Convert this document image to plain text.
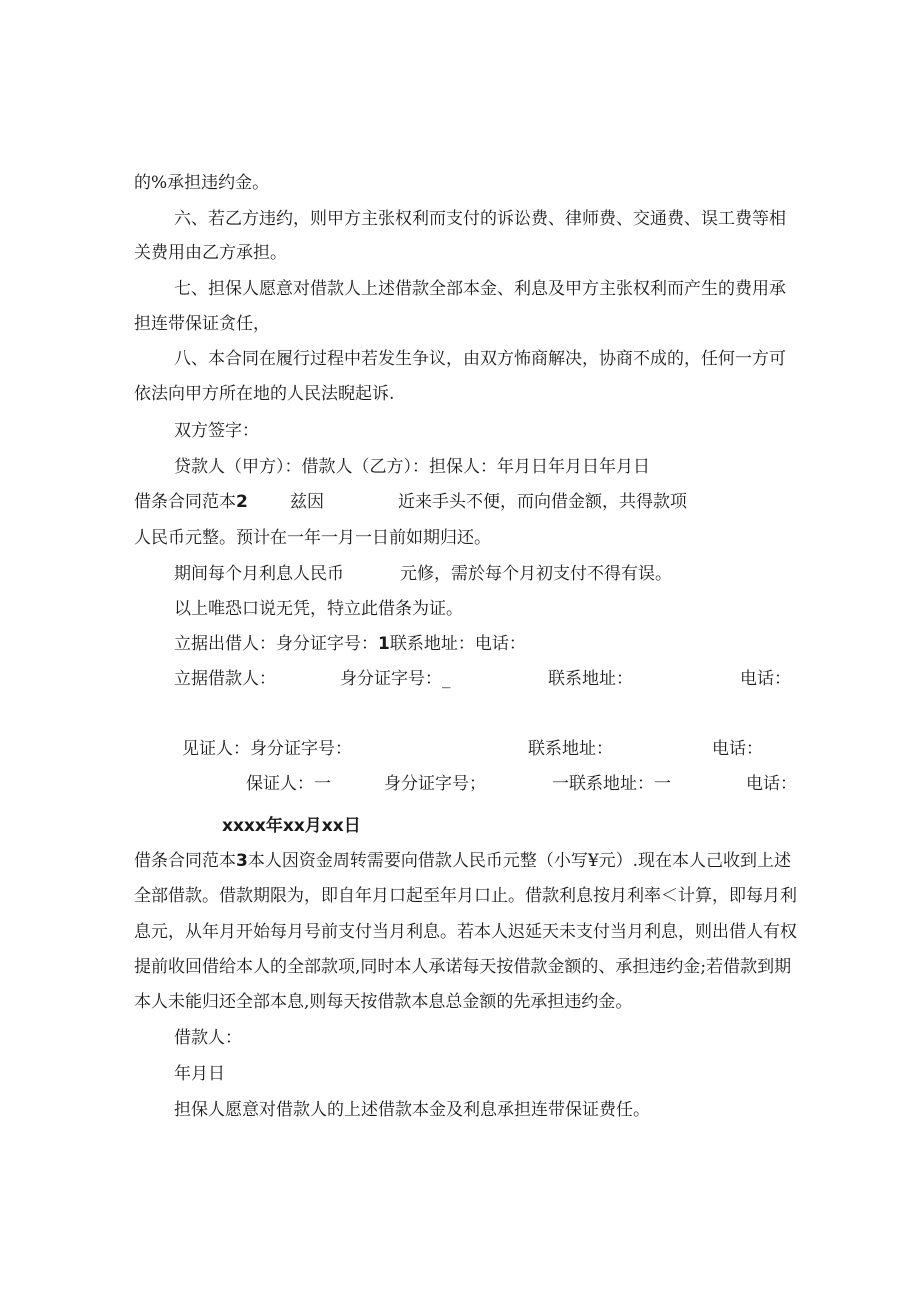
的%承担违约金。
六、若乙方违约，则甲方主张权利而支付的诉讼费、律师费、交通费、误工费等相
关费用由乙方承担。
七、担保人愿意对借款人上述借款全部本金、利息及甲方主张权利而产生的费用承
担连带保证贪任，
八、本合同在履行过程中若发生争议，由双方怖商解决，协商不成的，任何一方可
依法向甲方所在地的人民法睨起诉.
双方签字：
贷款人（甲方）：借款人（乙方）：担保人：年月日年月日年月日
借条合同范本2 兹因	近来手头不便，而向借金额，共得款项
人民币元整。预计在一年一月一日前如期归还。
期间每个月利息人民币	元修，需於每个月初支付不得有误。
以上唯恐口说无凭，特立此借条为证。
立据出借人：身分证字号：1联系地址：电话：
立据借款人：	身分证字号：_	联系地址：	电话：
见证人：身分证字号：	联系地址：	电话：
保证人：一	身分证字号；	一联系地址：一	电话：
xxxx年xx月xx日
借条合同范本3本人因资金周转需要向借款人民币元整（小写¥元）.现在本人己收到上述
全部借款。借款期限为，即自年月口起至年月口止。借款利息按月利率＜计算，即每月利
息元，从年月开始每月号前支付当月利息。若本人迟延天未支付当月利息，则出借人有权
提前收回借给本人的全部款项,同时本人承诺每天按借款金额的、承担违约金;若借款到期
本人未能归还全部本息,则每天按借款本息总金额的先承担违约金。
借款人：
年月日
担保人愿意对借款人的上述借款本金及利息承担连带保证费任。
